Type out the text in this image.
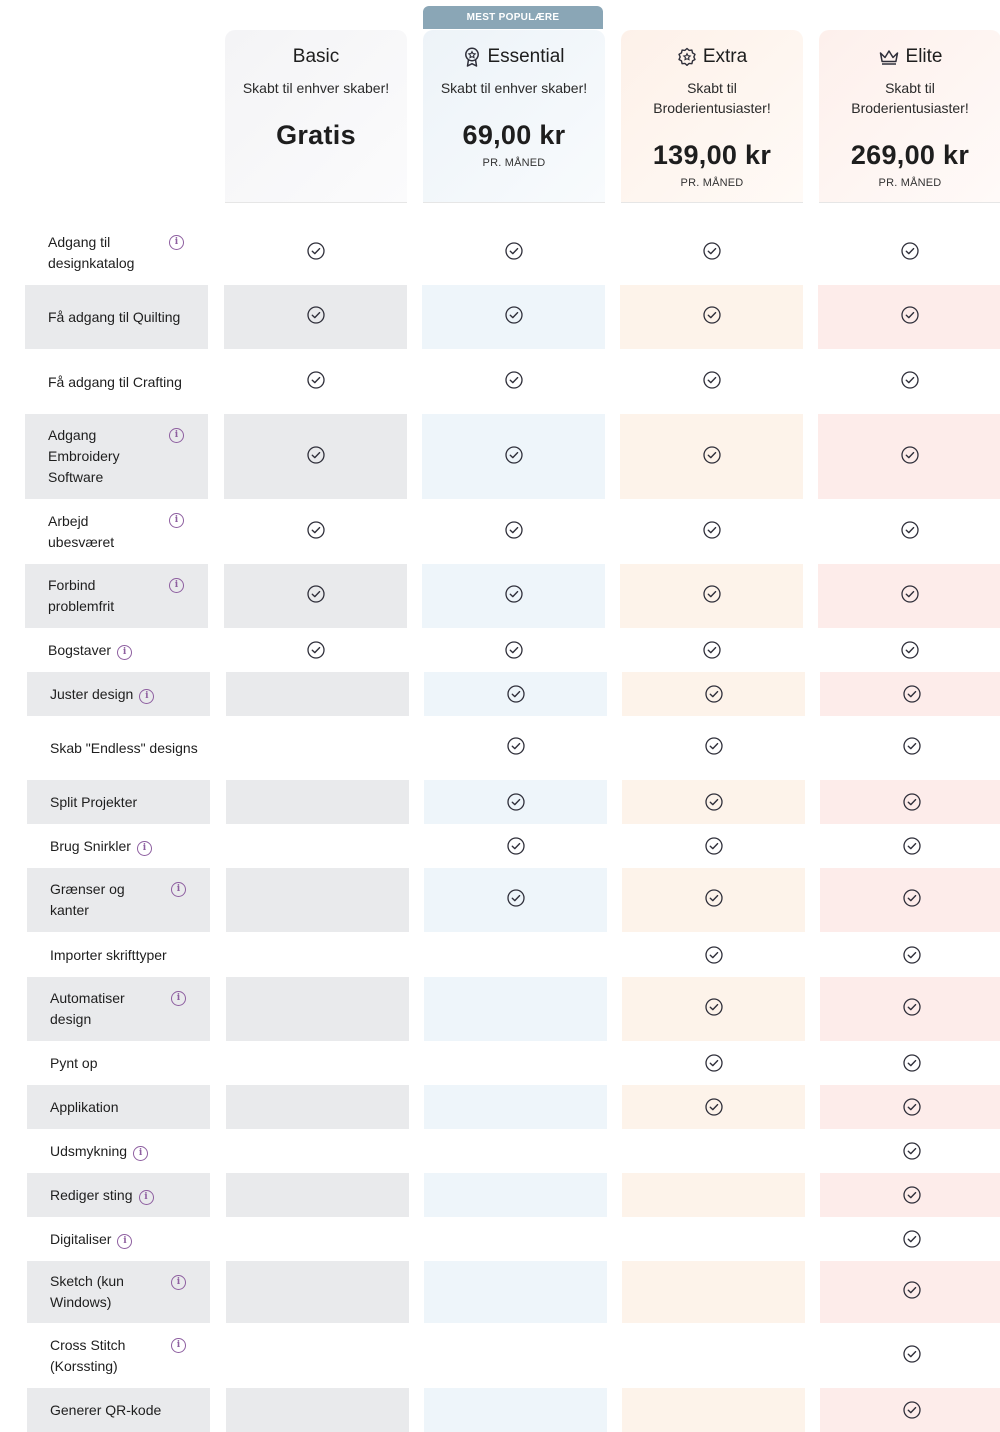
MEST POPULÆRE
Basic
Skabt til enhver skaber!
Gratis
Essential
Skabt til enhver skaber!
69,00 kr
PR. MÅNED
Extra
Skabt til Broderientusiaster!
139,00 kr
PR. MÅNED
Elite
Skabt til Broderientusiaster!
269,00 kr
PR. MÅNED
Adgang til designkatalog
i
Få adgang til Quilting
Få adgang til Crafting
Adgang Embroidery Software
i
Arbejd ubesværet
i
Forbind problemfrit
i
Bogstaver i
Juster design i
Skab "Endless" designs
Split Projekter
Brug Snirkler i
Grænser og kanter
i
Importer skrifttyper
Automatiser design
i
Pynt op
Applikation
Udsmykning i
Rediger sting i
Digitaliser i
Sketch (kun Windows)
i
Cross Stitch (Korssting)
i
Generer QR-kode
